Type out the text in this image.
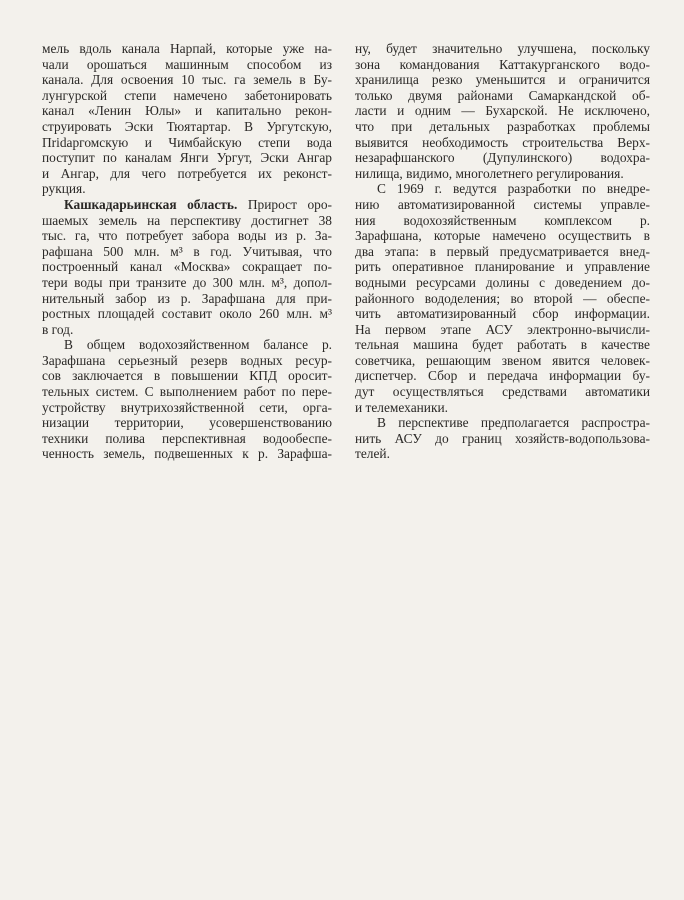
мель вдоль канала Нарпай, которые уже на-
чали орошаться машинным способом из
канала. Для освоения 10 тыс. га земель в Бу-
лунгурской степи намечено забетонировать
канал «Ленин Юлы» и капитально рекон-
струировать Эски Тюятартар. В Ургутскую,
Пridaргомскую и Чимбайскую степи вода
поступит по каналам Янги Ургут, Эски Ангар
и Ангар, для чего потребуется их реконст-
рукция.
Кашкадарьинская область. Прирост оро-
шаемых земель на перспективу достигнет 38
тыс. га, что потребует забора воды из р. За-
рафшана 500 млн. м³ в год. Учитывая, что
построенный канал «Москва» сокращает по-
тери воды при транзите до 300 млн. м³, допол-
нительный забор из р. Зарафшана для при-
ростных площадей составит около 260 млн. м³
в год.
В общем водохозяйственном балансе р.
Зарафшана серьезный резерв водных ресур-
сов заключается в повышении КПД оросит-
тельных систем. С выполнением работ по пере-
устройству внутрихозяйственной сети, орга-
низации территории, усовершенствованию
техники полива перспективная водообеспе-
ченность земель, подвешенных к р. Зарафша-
ну, будет значительно улучшена, поскольку
зона командования Каттакурганского водо-
хранилища резко уменьшится и ограничится
только двумя районами Самаркандской об-
ласти и одним — Бухарской. Не исключено,
что при детальных разработках проблемы
выявится необходимость строительства Верх-
незарафшанского (Дупулинского) водохра-
нилища, видимо, многолетнего регулирования.
С 1969 г. ведутся разработки по внедре-
нию автоматизированной системы управле-
ния водохозяйственным комплексом р.
Зарафшана, которые намечено осуществить в
два этапа: в первый предусматривается внед-
рить оперативное планирование и управление
водными ресурсами долины с доведением до-
районного вододеления; во второй — обеспе-
чить автоматизированный сбор информации.
На первом этапе АСУ электронно-вычисли-
тельная машина будет работать в качестве
советчика, решающим звеном явится человек-
диспетчер. Сбор и передача информации бу-
дут осуществляться средствами автоматики
и телемеханики.
В перспективе предполагается распростра-
нить АСУ до границ хозяйств-водопользова-
телей.
